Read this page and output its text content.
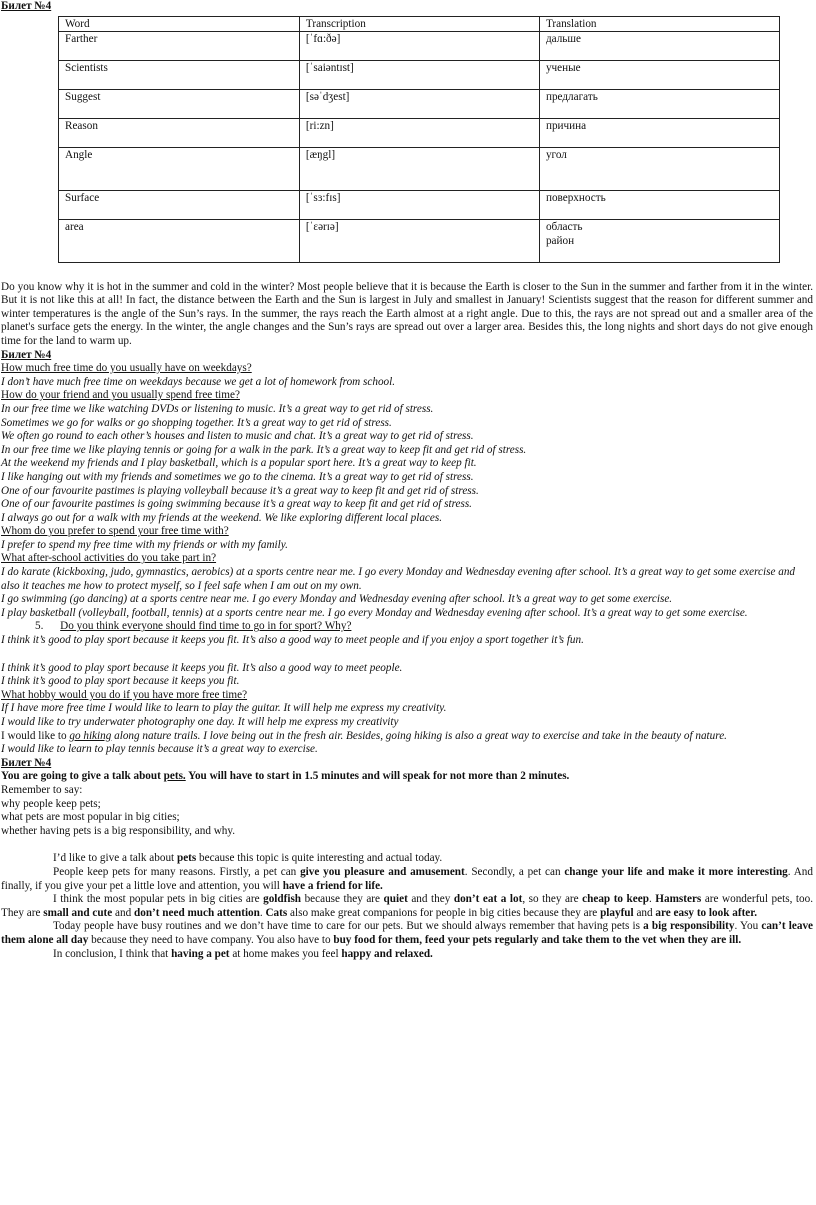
Билет №4

Word	Transcription	Translation
Farther	[ˈfɑ:ðə]	дальше
Scientists	[ˈsaiəntɪst]	ученые
Suggest	[səˈdʒest]	предлагать
Reason	[ri:zn]	причина
Angle	[æŋgl]	угол
Surface	[ˈsɜ:fɪs]	поверхность
area	[ˈɛərɪə]	область
район

Do you know why it is hot in the summer and cold in the winter? Most people believe that it is because the Earth is closer to the Sun in the summer and farther from it in the winter. But it is not like this at all! In fact, the distance between the Earth and the Sun is largest in July and smallest in January! Scientists suggest that the reason for different summer and winter temperatures is the angle of the Sun’s rays. In the summer, the rays reach the Earth almost at a right angle. Due to this, the rays are not spread out and a smaller area of the planet's surface gets the energy. In the winter, the angle changes and the Sun’s rays are spread out over a larger area. Besides this, the long nights and short days do not give enough time for the land to warm up.

Билет №4

How much free time do you usually have on weekdays?

I don’t have much free time on weekdays because we get a lot of homework from school.

How do your friend and you usually spend free time?

In our free time we like watching DVDs or listening to music. It’s a great way to get rid of stress.

Sometimes we go for walks or go shopping together. It’s a great way to get rid of stress.

We often go round to each other’s houses and listen to music and chat. It’s a great way to get rid of stress.

In our free time we like playing tennis or going for a walk in the park. It’s a great way to keep fit and get rid of stress.

At the weekend my friends and I play basketball, which is a popular sport here. It’s a great way to keep fit.

I like hanging out with my friends and sometimes we go to the cinema. It’s a great way to get rid of stress.

One of our favourite pastimes is playing volleyball because it’s a great way to keep fit and get rid of stress.

One of our favourite pastimes is going swimming because it’s a great way to keep fit and get rid of stress.

I always go out for a walk with my friends at the weekend. We like exploring different local places.

Whom do you prefer to spend your free time with?

I prefer to spend my free time with my friends or with my family.

What after-school activities do you take part in?

I do karate (kickboxing, judo, gymnastics, aerobics) at a sports centre near me. I go every Monday and Wednesday evening after school. It’s a great way to get some exercise and also it teaches me how to protect myself, so I feel safe when I am out on my own.

I go swimming (go dancing) at a sports centre near me. I go every Monday and Wednesday evening after school. It’s a great way to get some exercise.

I play basketball (volleyball, football, tennis) at a sports centre near me. I go every Monday and Wednesday evening after school. It’s a great way to get some exercise.

5. Do you think everyone should find time to go in for sport? Why?

I think it’s good to play sport because it keeps you fit. It’s also a good way to meet people and if you enjoy a sport together it’s fun.

I think it’s good to play sport because it keeps you fit. It’s also a good way to meet people.

I think it’s good to play sport because it keeps you fit.

What hobby would you do if you have more free time?

If I have more free time I would like to learn to play the guitar. It will help me express my creativity.

I would like to try underwater photography one day. It will help me express my creativity

I would like to go hiking along nature trails. I love being out in the fresh air. Besides, going hiking is also a great way to exercise and take in the beauty of nature.

I would like to learn to play tennis because it’s a great way to exercise.

Билет №4

You are going to give a talk about pets. You will have to start in 1.5 minutes and will speak for not more than 2 minutes.

Remember to say:

why people keep pets;

what pets are most popular in big cities;

whether having pets is a big responsibility, and why.

I’d like to give a talk about pets because this topic is quite interesting and actual today.

People keep pets for many reasons. Firstly, a pet can give you pleasure and amusement. Secondly, a pet can change your life and make it more interesting. And finally, if you give your pet a little love and attention, you will have a friend for life.

I think the most popular pets in big cities are goldfish because they are quiet and they don’t eat a lot, so they are cheap to keep. Hamsters are wonderful pets, too. They are small and cute and don’t need much attention. Cats also make great companions for people in big cities because they are playful and are easy to look after.

Today people have busy routines and we don’t have time to care for our pets. But we should always remember that having pets is a big responsibility. You can’t leave them alone all day because they need to have company. You also have to buy food for them, feed your pets regularly and take them to the vet when they are ill.

In conclusion, I think that having a pet at home makes you feel happy and relaxed.
